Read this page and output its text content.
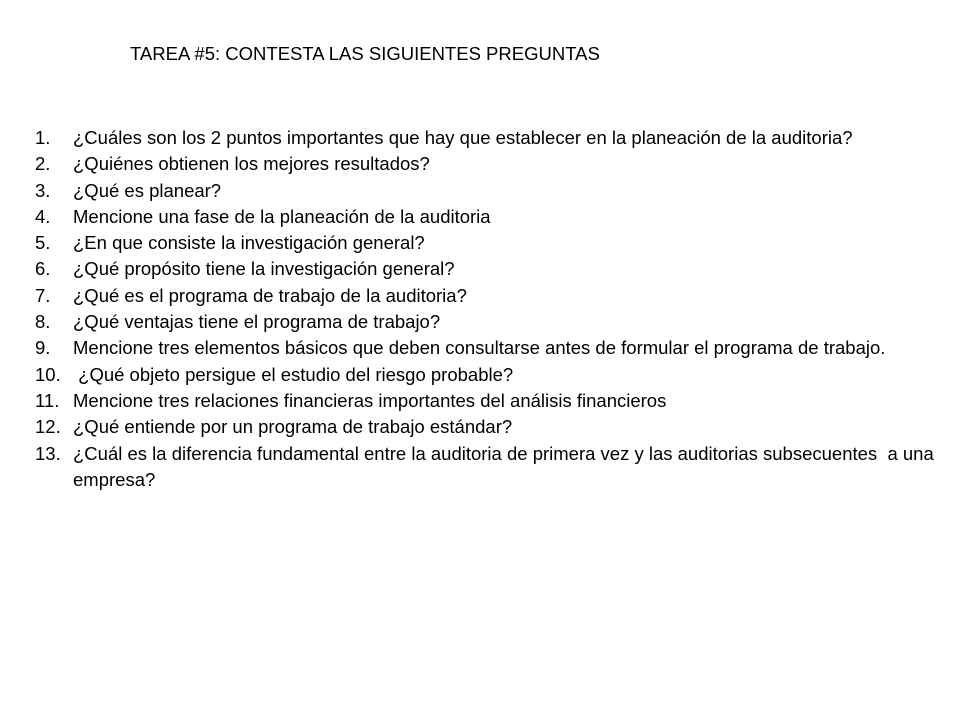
TAREA #5: CONTESTA LAS SIGUIENTES PREGUNTAS
1.	¿Cuáles son los 2 puntos importantes que hay que establecer en la planeación de la auditoria?
2.	¿Quiénes obtienen los mejores resultados?
3.	¿Qué es planear?
4.	Mencione una fase de la planeación de la auditoria
5.	¿En que consiste la investigación general?
6.	¿Qué propósito tiene la investigación general?
7.	¿Qué es el programa de trabajo de la auditoria?
8.	¿Qué ventajas tiene el programa de trabajo?
9.	Mencione tres elementos básicos que deben consultarse antes de formular el programa de trabajo.
10. ¿Qué objeto persigue el estudio del riesgo probable?
11. Mencione tres relaciones financieras importantes del análisis financieros
12. ¿Qué entiende por un programa de trabajo estándar?
13. ¿Cuál es la diferencia fundamental entre la auditoria de primera vez y las auditorias subsecuentes  a una empresa?
